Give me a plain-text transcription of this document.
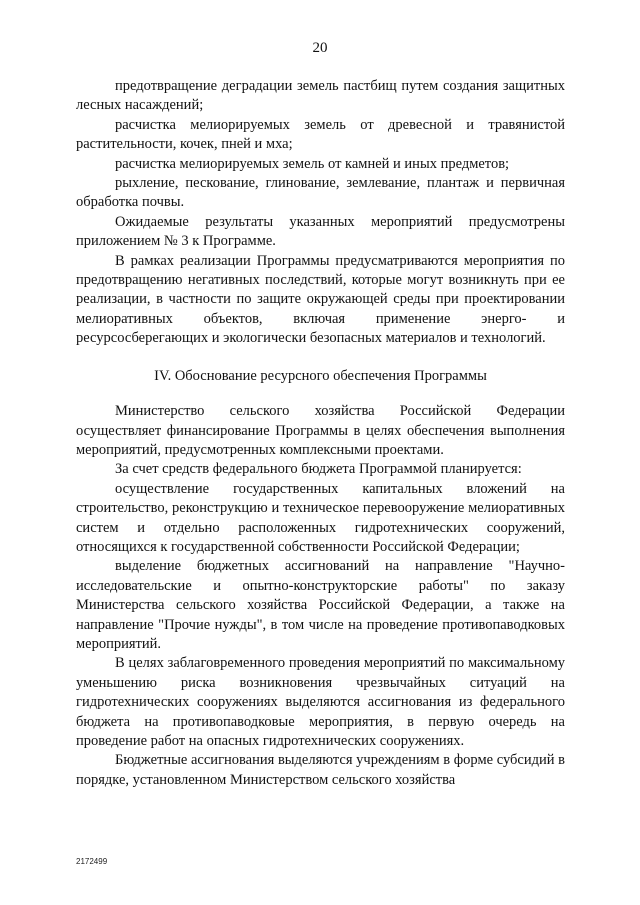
20

предотвращение деградации земель пастбищ путем создания защитных лесных насаждений;

расчистка мелиорируемых земель от древесной и травянистой растительности, кочек, пней и мха;

расчистка мелиорируемых земель от камней и иных предметов;

рыхление, пескование, глинование, землевание, плантаж и первичная обработка почвы.

Ожидаемые результаты указанных мероприятий предусмотрены приложением № 3 к Программе.

В рамках реализации Программы предусматриваются мероприятия по предотвращению негативных последствий, которые могут возникнуть при ее реализации, в частности по защите окружающей среды при проектировании мелиоративных объектов, включая применение энерго- и ресурсосберегающих и экологически безопасных материалов и технологий.

IV. Обоснование ресурсного обеспечения Программы

Министерство сельского хозяйства Российской Федерации осуществляет финансирование Программы в целях обеспечения выполнения мероприятий, предусмотренных комплексными проектами.

За счет средств федерального бюджета Программой планируется:

осуществление государственных капитальных вложений на строительство, реконструкцию и техническое перевооружение мелиоративных систем и отдельно расположенных гидротехнических сооружений, относящихся к государственной собственности Российской Федерации;

выделение бюджетных ассигнований на направление "Научно-исследовательские и опытно-конструкторские работы" по заказу Министерства сельского хозяйства Российской Федерации, а также на направление "Прочие нужды", в том числе на проведение противопаводковых мероприятий.

В целях заблаговременного проведения мероприятий по максимальному уменьшению риска возникновения чрезвычайных ситуаций на гидротехнических сооружениях выделяются ассигнования из федерального бюджета на противопаводковые мероприятия, в первую очередь на проведение работ на опасных гидротехнических сооружениях.

Бюджетные ассигнования выделяются учреждениям в форме субсидий в порядке, установленном Министерством сельского хозяйства

2172499
